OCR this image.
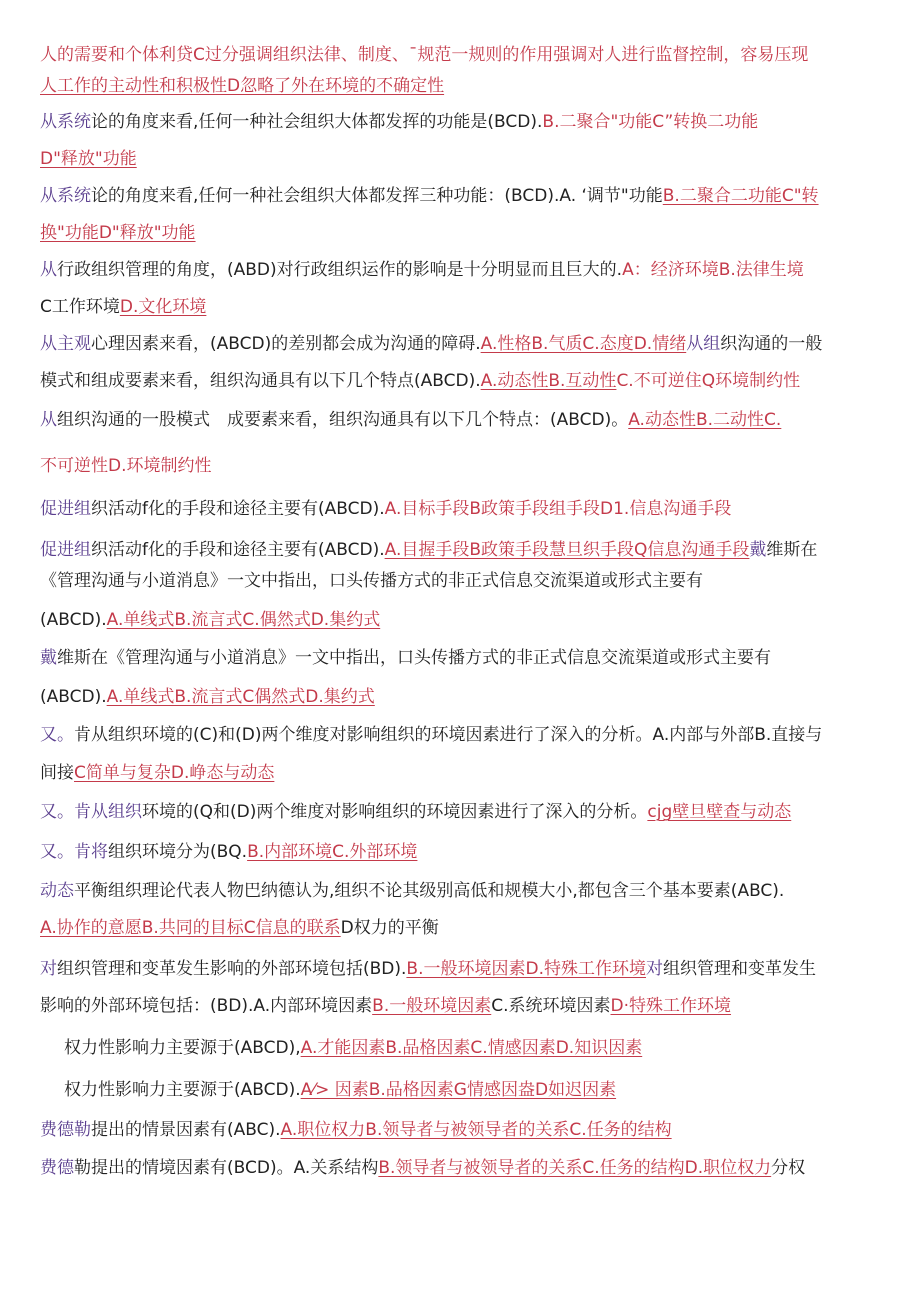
人的需要和个体利贷C过分强调组织法律、制度、¯规范一规则的作用强调对人进行监督控制，容易压现
人工作的主动性和积极性D忽略了外在环境的不确定性
从系统论的角度来看,任何一种社会组织大体都发挥的功能是(BCD).B.二聚合"功能C”转换二功能
D"释放"功能
从系统论的角度来看,任何一种社会组织大体都发挥三种功能：(BCD).A. ‘调节"功能B.二聚合二功能C"转
换"功能D"释放"功能
从行政组织管理的角度，(ABD)对行政组织运作的影响是十分明显而且巨大的.A：经济环境B.法律生境
C工作环境D.文化环境
从主观心理因素来看，(ABCD)的差别都会成为沟通的障碍.A.性格B.气质C.态度D.情绪从组织沟通的一般
模式和组成要素来看，组织沟通具有以下几个特点(ABCD).A.动态性B.互动性C.不可逆住Q环境制约性
从组织沟通的一股模式　成要素来看，组织沟通具有以下几个特点：(ABCD)。A.动态性B.二动性C.
不可逆性D.环境制约性
促进组织活动f化的手段和途径主要有(ABCD).A.目标手段B政策手段组手段D1.信息沟通手段
促进组织活动f化的手段和途径主要有(ABCD).A.目握手段B政策手段慧旦织手段Q信息沟通手段戴维斯在
《管理沟通与小道消息》一文中指出，口头传播方式的非正式信息交流渠道或形式主要有
(ABCD).A.单线式B.流言式C.偶然式D.集约式
戴维斯在《管理沟通与小道消息》一文中指出，口头传播方式的非正式信息交流渠道或形式主要有
(ABCD).A.单线式B.流言式C偶然式D.集约式
又。肯从组织环境的(C)和(D)两个维度对影响组织的环境因素进行了深入的分析。A.内部与外部B.直接与
间接C简单与复杂D.峥态与动态
又。肯从组织环境的(Q和(D)两个维度对影响组织的环境因素进行了深入的分析。cjg壁旦壁查与动态
又。肯将组织环境分为(BQ.B.内部环境C.外部环境
动态平衡组织理论代表人物巴纳德认为,组织不论其级别高低和规模大小,都包含三个基本要素(ABC).
A.协作的意愿B.共同的目标C信息的联系D权力的平衡
对组织管理和变革发生影响的外部环境包括(BD).B.一般环境因素D.特殊工作环境对组织管理和变革发生
影响的外部环境包括：(BD).A.内部环境因素B.一般环境因素C.系统环境因素D·特殊工作环境
权力性影响力主要源于(ABCD),A.才能因素B.品格因素C.情感因素D.知识因素
权力性影响力主要源于(ABCD).A⁄> 因素B.品格因素G情感因盎D如迟因素
费德勒提出的情景因素有(ABC).A.职位权力B.领导者与被领导者的关系C.任务的结构
费德勒提出的情境因素有(BCD)。A.关系结构B.领导者与被领导者的关系C.任务的结构D.职位权力分权
